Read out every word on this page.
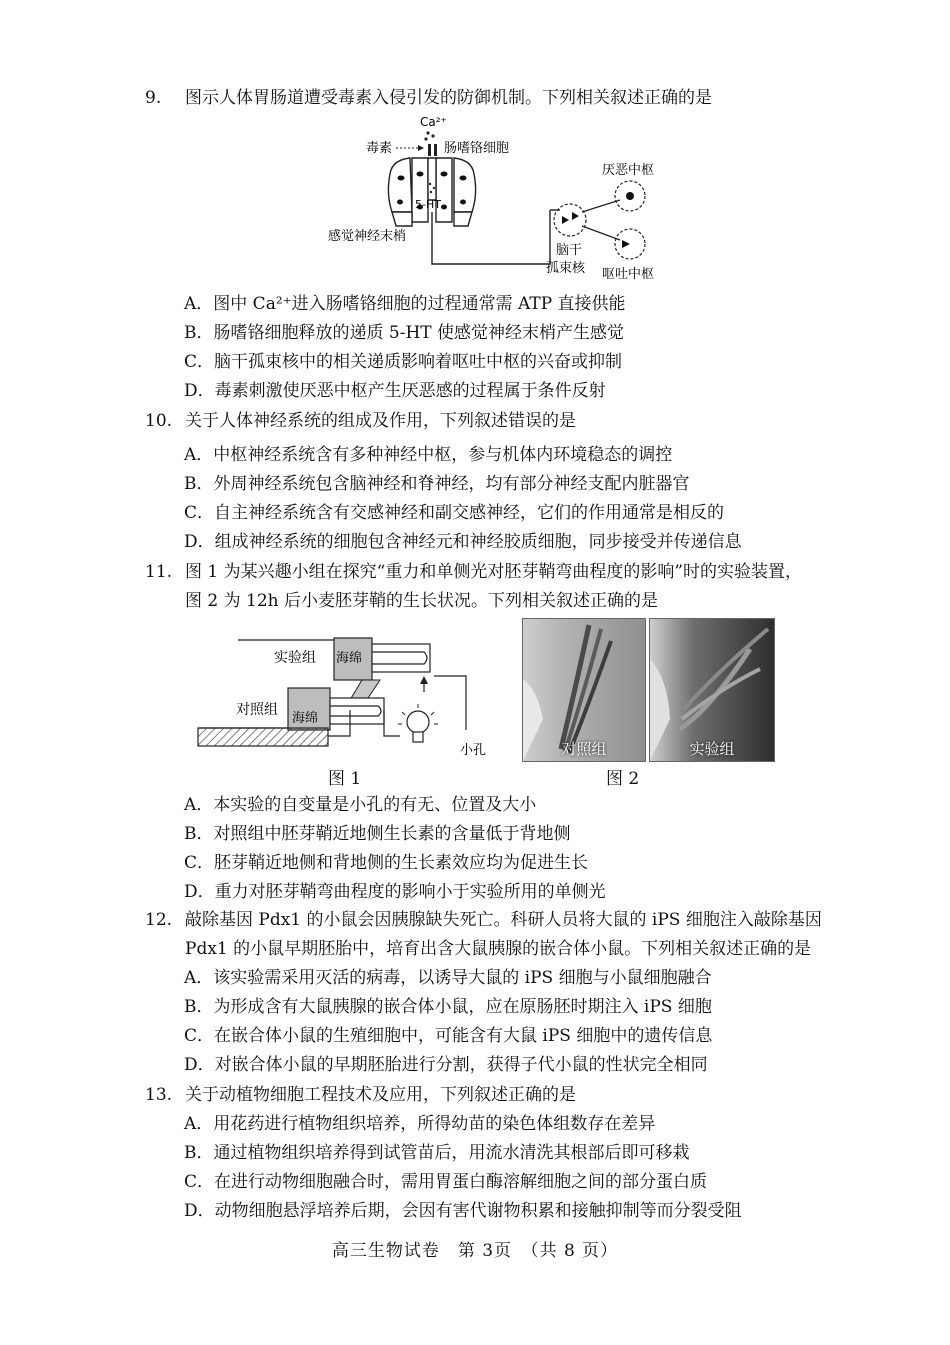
9. 图示人体胃肠道遭受毒素入侵引发的防御机制。下列相关叙述正确的是
Ca²⁺
毒素	肠嗜铬细胞
5-HT
感觉神经末梢
脑干
孤束核
厌恶中枢
呕吐中枢
A．图中 Ca²⁺进入肠嗜铬细胞的过程通常需 ATP 直接供能
B．肠嗜铬细胞释放的递质 5-HT 使感觉神经末梢产生感觉
C．脑干孤束核中的相关递质影响着呕吐中枢的兴奋或抑制
D．毒素刺激使厌恶中枢产生厌恶感的过程属于条件反射
10. 关于人体神经系统的组成及作用，下列叙述错误的是
A．中枢神经系统含有多种神经中枢，参与机体内环境稳态的调控
B．外周神经系统包含脑神经和脊神经，均有部分神经支配内脏器官
C．自主神经系统含有交感神经和副交感神经，它们的作用通常是相反的
D．组成神经系统的细胞包含神经元和神经胶质细胞，同步接受并传递信息
11. 图 1 为某兴趣小组在探究“重力和单侧光对胚芽鞘弯曲程度的影响”时的实验装置，
图 2 为 12h 后小麦胚芽鞘的生长状况。下列相关叙述正确的是
海绵
实验组
海绵
对照组
小孔
图 1
对照组	实验组
图 2
A．本实验的自变量是小孔的有无、位置及大小
B．对照组中胚芽鞘近地侧生长素的含量低于背地侧
C．胚芽鞘近地侧和背地侧的生长素效应均为促进生长
D．重力对胚芽鞘弯曲程度的影响小于实验所用的单侧光
12. 敲除基因 Pdx1 的小鼠会因胰腺缺失死亡。科研人员将大鼠的 iPS 细胞注入敲除基因
Pdx1 的小鼠早期胚胎中，培育出含大鼠胰腺的嵌合体小鼠。下列相关叙述正确的是
A．该实验需采用灭活的病毒，以诱导大鼠的 iPS 细胞与小鼠细胞融合
B．为形成含有大鼠胰腺的嵌合体小鼠，应在原肠胚时期注入 iPS 细胞
C．在嵌合体小鼠的生殖细胞中，可能含有大鼠 iPS 细胞中的遗传信息
D．对嵌合体小鼠的早期胚胎进行分割，获得子代小鼠的性状完全相同
13. 关于动植物细胞工程技术及应用，下列叙述正确的是
A．用花药进行植物组织培养，所得幼苗的染色体组数存在差异
B．通过植物组织培养得到试管苗后，用流水清洗其根部后即可移栽
C．在进行动物细胞融合时，需用胃蛋白酶溶解细胞之间的部分蛋白质
D．动物细胞悬浮培养后期，会因有害代谢物积累和接触抑制等而分裂受阻
高三生物试卷　第 3页　（共 8 页）
